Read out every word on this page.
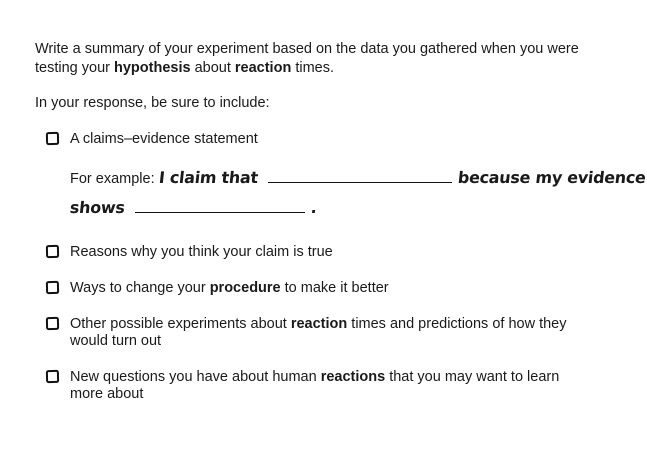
Write a summary of your experiment based on the data you gathered when you were testing your hypothesis about reaction times.
In your response, be sure to include:
A claims–evidence statement
For example: I claim that	because my evidence
shows	.
Reasons why you think your claim is true
Ways to change your procedure to make it better
Other possible experiments about reaction times and predictions of how they would turn out
New questions you have about human reactions that you may want to learn more about
